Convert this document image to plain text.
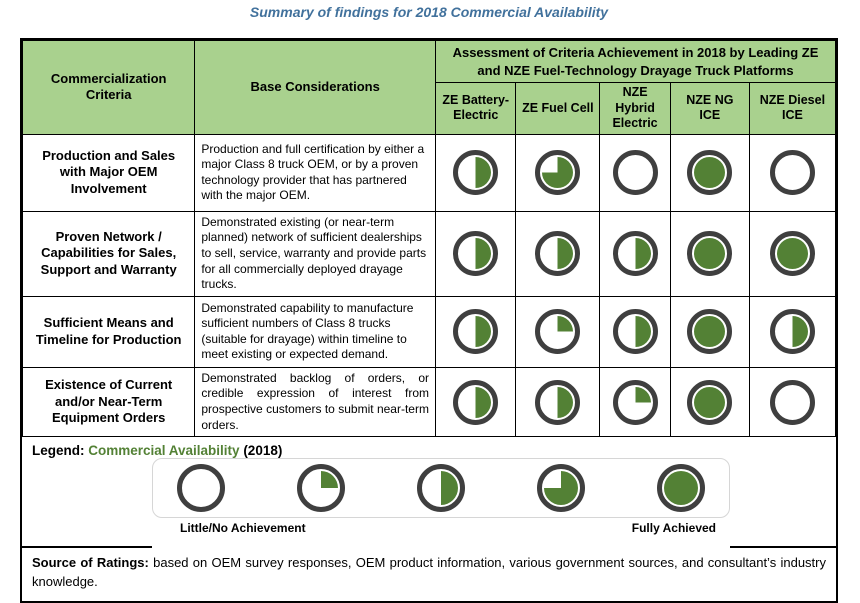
Summary of findings for 2018 Commercial Availability
Commercialization Criteria	Base Considerations	Assessment of Criteria Achievement in 2018 by Leading ZE and NZE Fuel-Technology Drayage Truck Platforms				
		ZE Battery-Electric	ZE Fuel Cell	NZE Hybrid Electric	NZE NG ICE	NZE Diesel ICE
Production and Sales with Major OEM Involvement	Production and full certification by either a major Class 8 truck OEM, or by a proven technology provider that has partnered with the major OEM.	

Proven Network / Capabilities for Sales, Support and Warranty	Demonstrated existing (or near-term planned) network of sufficient dealerships to sell, service, warranty and provide parts for all commercially deployed drayage trucks.	

Sufficient Means and Timeline for Production	Demonstrated capability to manufacture sufficient numbers of Class 8 trucks (suitable for drayage) within timeline to meet existing or expected demand.	

Existence of Current and/or Near-Term Equipment Orders	Demonstrated backlog of orders, or credible expression of interest from prospective customers to submit near-term orders.	

Legend: Commercial Availability (2018)
Little/No Achievement	Fully Achieved
Source of Ratings: based on OEM survey responses, OEM product information, various government sources, and consultant’s industry knowledge.
